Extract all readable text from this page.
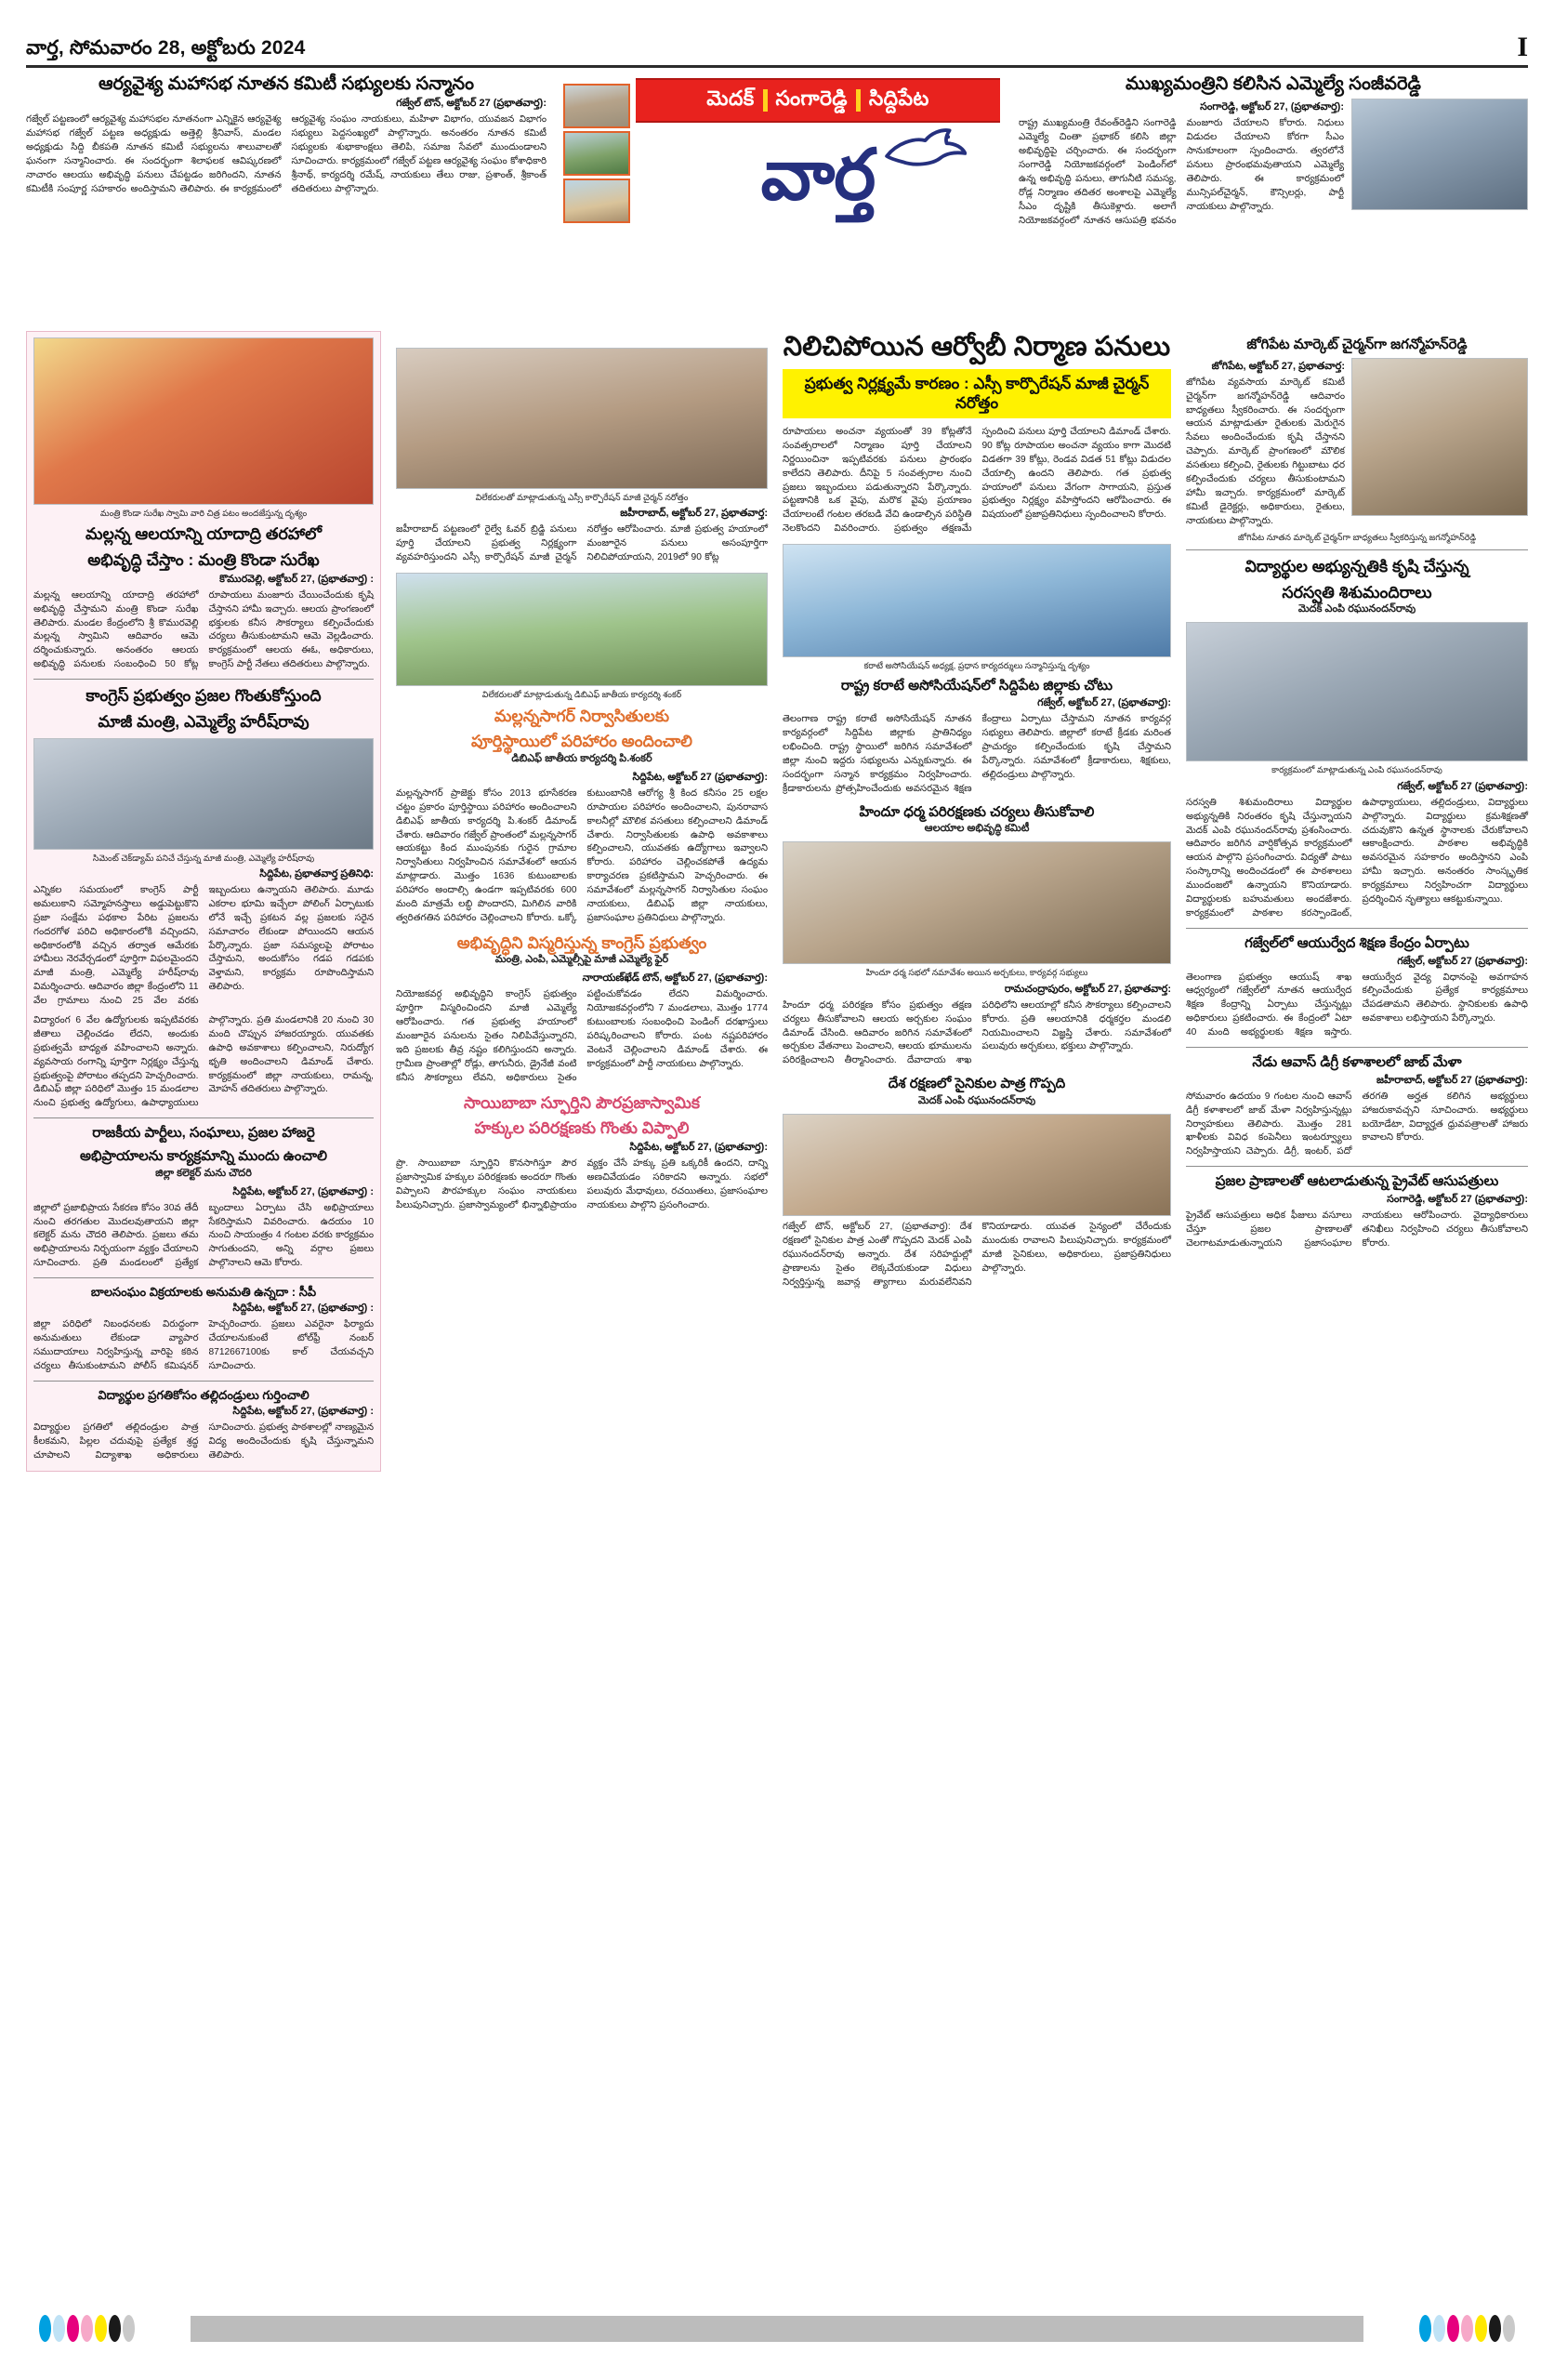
వార్త, సోమవారం 28, అక్టోబరు 2024	I
ఆర్యవైశ్య మహాసభ నూతన కమిటీ సభ్యులకు సన్మానం
గజ్వేల్ టౌన్, అక్టోబర్ 27 (ప్రభాతవార్త):
గజ్వేల్ పట్టణంలో ఆర్యవైశ్య మహాసభల నూతనంగా ఎన్నికైన ఆర్యవైశ్య మహాసభ గజ్వేల్ పట్టణ అధ్యక్షుడు అత్తెల్లి శ్రీనివాస్, మండల అధ్యక్షుడు సిద్ది బీకపతి నూతన కమిటీ సభ్యులను శాలువాలతో ఘనంగా సన్మానించారు. ఈ సందర్భంగా శిలాఫలక ఆవిష్కరణలో నాచారం ఆలయు అభివృద్ధి పనులు చేపట్టడం జరిగిందని, నూతన కమిటీకి సంపూర్ణ సహకారం అందిస్తామని తెలిపారు. ఈ కార్యక్రమంలో ఆర్యవైశ్య సంఘం నాయకులు, మహిళా విభాగం, యువజన విభాగం సభ్యులు పెద్దసంఖ్యలో పాల్గొన్నారు. అనంతరం నూతన కమిటీ సభ్యులకు శుభాకాంక్షలు తెలిపి, సమాజ సేవలో ముందుండాలని సూచించారు. కార్యక్రమంలో గజ్వేల్ పట్టణ ఆర్యవైశ్య సంఘం కోశాధికారి శ్రీనాథ్, కార్యదర్శి రమేష్, నాయకులు తేలు రాజు, ప్రశాంత్, శ్రీకాంత్ తదితరులు పాల్గొన్నారు.
మెదక్ సంగారెడ్డి సిద్దిపేట
వార్త
ముఖ్యమంత్రిని కలిసిన ఎమ్మెల్యే సంజీవరెడ్డి
సంగారెడ్డి, అక్టోబర్ 27, (ప్రభాతవార్త):
రాష్ట్ర ముఖ్యమంత్రి రేవంత్‌రెడ్డిని సంగారెడ్డి ఎమ్మెల్యే చింతా ప్రభాకర్ కలిసి జిల్లా అభివృద్ధిపై చర్చించారు. ఈ సందర్భంగా సంగారెడ్డి నియోజకవర్గంలో పెండింగ్‌లో ఉన్న అభివృద్ధి పనులు, తాగునీటి సమస్య, రోడ్ల నిర్మాణం తదితర అంశాలపై ఎమ్మెల్యే సీఎం దృష్టికి తీసుకెళ్లారు. అలాగే నియోజకవర్గంలో నూతన ఆసుపత్రి భవనం మంజూరు చేయాలని కోరారు. నిధులు విడుదల చేయాలని కోరగా సీఎం సానుకూలంగా స్పందించారు. త్వరలోనే పనులు ప్రారంభమవుతాయని ఎమ్మెల్యే తెలిపారు. ఈ కార్యక్రమంలో మున్సిపల్‌చైర్మన్, కౌన్సిలర్లు, పార్టీ నాయకులు పాల్గొన్నారు.
మంత్రి కొండా సురేఖ స్వామి వారి చిత్ర పటం అందజేస్తున్న దృశ్యం
మల్లన్న ఆలయాన్ని యాదాద్రి తరహాలో
అభివృద్ధి చేస్తాం : మంత్రి కొండా సురేఖ
కొముర‌వెల్లి, అక్టోబర్ 27, (ప్రభాతవార్త) :
మల్లన్న ఆలయాన్ని యాదాద్రి తరహాలో అభివృద్ధి చేస్తామని మంత్రి కొండా సురేఖ తెలిపారు. మండల కేంద్రంలోని శ్రీ కొముర‌వెల్లి మల్లన్న స్వామిని ఆదివారం ఆమె దర్శించుకున్నారు. అనంతరం ఆలయ అభివృద్ధి పనులకు సంబంధించి 50 కోట్ల రూపాయలు మంజూరు చేయించేందుకు కృషి చేస్తానని హామీ ఇచ్చారు. ఆలయ ప్రాంగణంలో భక్తులకు కనీస సౌకర్యాలు కల్పించేందుకు చర్యలు తీసుకుంటామని ఆమె వెల్లడించారు. కార్యక్రమంలో ఆలయ ఈఓ, అధికారులు, కాంగ్రెస్ పార్టీ నేతలు తదితరులు పాల్గొన్నారు.
కాంగ్రెస్ ప్రభుత్వం ప్రజల గొంతుకోస్తుంది
మాజీ మంత్రి, ఎమ్మెల్యే హరీష్‌రావు
సిమెంట్ చెక్‌డ్యామ్ పనిచే చేస్తున్న మాజీ మంత్రి, ఎమ్మెల్యే హరీష్‌రావు
సిద్దిపేట, ప్రభాతవార్త ప్రతినిధి:
ఎన్నికల సమయంలో కాంగ్రెస్ పార్టీ అమలుకాని సమ్మోహనస్త్రాలు అడ్డుపెట్టుకొని ప్రజా సంక్షేమ పథకాల పేరిట ప్రజలను గందరగోళ పరిచి అధికారంలోకి వచ్చిందని, అధికారంలోకి వచ్చిన తర్వాత ఆమేరకు హామీలు నెరవేర్చడంలో పూర్తిగా విఫలమైందని మాజీ మంత్రి, ఎమ్మెల్యే హరీష్‌రావు విమర్శించారు. ఆదివారం జిల్లా కేంద్రంలోని 11 వేల గ్రామాలు నుంచి 25 వేల వరకు ఇబ్బందులు ఉన్నాయని తెలిపారు. మూడు ఎకరాల భూమి ఇచ్చేలా పోలింగ్ ఏర్పాటుకు లోనే ఇచ్చే ప్రకటన వల్ల ప్రజలకు సరైన సమాచారం లేకుండా పోయిందని ఆయన పేర్కొన్నారు. ప్రజా సమస్యలపై పోరాటం చేస్తామని, అందుకోసం గడప గడపకు వెళ్తామని, కార్యక్రమ రూపొందిస్తామని తెలిపారు.
విద్యారంగ 6 వేల ఉద్యోగులకు ఇప్పటివరకు జీతాలు చెల్లించడం లేదని, అందుకు ప్రభుత్వమే బాధ్యత వహించాలని అన్నారు. వ్యవసాయ రంగాన్ని పూర్తిగా నిర్లక్ష్యం చేస్తున్న ప్రభుత్వంపై పోరాటం తప్పదని హెచ్చరించారు. డిబిఎఫ్ జిల్లా పరిధిలో మొత్తం 15 మండలాల నుంచి ప్రభుత్వ ఉద్యోగులు, ఉపాధ్యాయులు పాల్గొన్నారు. ప్రతి మండలానికి 20 నుంచి 30 మంది చొప్పున హాజరయ్యారు. యువతకు ఉపాధి అవకాశాలు కల్పించాలని, నిరుద్యోగ భృతి అందించాలని డిమాండ్ చేశారు. కార్యక్రమంలో జిల్లా నాయకులు, రామన్న, మోహన్ తదితరులు పాల్గొన్నారు.
రాజకీయ పార్టీలు, సంఘాలు, ప్రజల హాజరై
అభిప్రాయాలను కార్యక్రమాన్ని ముందు ఉంచాలి
జిల్లా కలెక్టర్ మను చౌదరి
సిద్దిపేట, అక్టోబర్ 27, (ప్రభాతవార్త) :
జిల్లాలో ప్రజాభిప్రాయ సేకరణ కోసం 30వ తేదీ నుంచి తరగతుల మొదలవుతాయని జిల్లా కలెక్టర్ మను చౌదరి తెలిపారు. ప్రజలు తమ అభిప్రాయాలను నిర్భయంగా వ్యక్తం చేయాలని సూచించారు. ప్రతి మండలంలో ప్రత్యేక బృందాలు ఏర్పాటు చేసి అభిప్రాయాలు సేకరిస్తామని వివరించారు. ఉదయం 10 నుంచి సాయంత్రం 4 గంటల వరకు కార్యక్రమం సాగుతుందని, అన్ని వర్గాల ప్రజలు పాల్గొనాలని ఆమె కోరారు.
బాలసంఘం విక్రయాలకు అనుమతి ఉన్నదా : సీపీ
సిద్దిపేట, అక్టోబర్ 27, (ప్రభాతవార్త) :
జిల్లా పరిధిలో నిబంధనలకు విరుద్ధంగా అనుమతులు లేకుండా వ్యాపార సముదాయాలు నిర్వహిస్తున్న వారిపై కఠిన చర్యలు తీసుకుంటామని పోలీస్ కమిషనర్ హెచ్చరించారు. ప్రజలు ఎవరైనా ఫిర్యాదు చేయాలనుకుంటే టోల్‌ఫ్రీ నంబర్ 8712667100కు కాల్ చేయవచ్చని సూచించారు.
విద్యార్థుల ప్రగతికోసం తల్లిదండ్రులు గుర్తించాలి
సిద్దిపేట, అక్టోబర్ 27, (ప్రభాతవార్త) :
విద్యార్థుల ప్రగతిలో తల్లిదండ్రుల పాత్ర కీలకమని, పిల్లల చదువుపై ప్రత్యేక శ్రద్ధ చూపాలని విద్యాశాఖ అధికారులు సూచించారు. ప్రభుత్వ పాఠశాలల్లో నాణ్యమైన విద్య అందించేందుకు కృషి చేస్తున్నామని తెలిపారు.
విలేకరులతో మాట్లాడుతున్న ఎస్సీ కార్పొరేషన్ మాజీ చైర్మన్ నరోత్తం
జహీరాబాద్, అక్టోబర్ 27, ప్రభాతవార్త:
జహీరాబాద్ పట్టణంలో రైల్వే ఓవర్ బ్రిడ్జి పనులు పూర్తి చేయాలని ప్రభుత్వ నిర్లక్ష్యంగా వ్యవహరిస్తుందని ఎస్సీ కార్పొరేషన్ మాజీ చైర్మన్ నరోత్తం ఆరోపించారు. మాజీ ప్రభుత్వ హయాంలో మంజూరైన పనులు అసంపూర్తిగా నిలిచిపోయాయని, 2019లో 90 కోట్ల
విలేకరులతో మాట్లాడుతున్న డిబిఎఫ్ జాతీయ కార్యదర్శి శంకర్
మల్లన్నసాగర్ నిర్వాసితులకు
పూర్తిస్థాయిలో పరిహారం అందించాలి
డిబిఎఫ్ జాతీయ కార్యదర్శి పి.శంకర్
సిద్దిపేట, అక్టోబర్ 27 (ప్రభాతవార్త):
మల్లన్నసాగర్ ప్రాజెక్టు కోసం 2013 భూసేకరణ చట్టం ప్రకారం పూర్తిస్థాయి పరిహారం అందించాలని డిబిఎఫ్ జాతీయ కార్యదర్శి పి.శంకర్ డిమాండ్ చేశారు. ఆదివారం గజ్వేల్ ప్రాంతంలో మల్లన్నసాగర్ ఆయకట్టు కింద ముంపునకు గురైన గ్రామాల నిర్వాసితులు నిర్వహించిన సమావేశంలో ఆయన మాట్లాడారు. మొత్తం 1636 కుటుంబాలకు పరిహారం అందాల్సి ఉండగా ఇప్పటివరకు 600 మంది మాత్రమే లబ్ధి పొందారని, మిగిలిన వారికి త్వరితగతిన పరిహారం చెల్లించాలని కోరారు. ఒక్కో కుటుంబానికి ఆరోగ్య శ్రీ కింద కనీసం 25 లక్షల రూపాయల పరిహారం అందించాలని, పునరావాస కాలనీల్లో మౌలిక వసతులు కల్పించాలని డిమాండ్ చేశారు. నిర్వాసితులకు ఉపాధి అవకాశాలు కల్పించాలని, యువతకు ఉద్యోగాలు ఇవ్వాలని కోరారు. పరిహారం చెల్లించకపోతే ఉద్యమ కార్యాచరణ ప్రకటిస్తామని హెచ్చరించారు. ఈ సమావేశంలో మల్లన్నసాగర్ నిర్వాసితుల సంఘం నాయకులు, డిబిఎఫ్ జిల్లా నాయకులు, ప్రజాసంఘాల ప్రతినిధులు పాల్గొన్నారు.
అభివృద్ధిని విస్మరిస్తున్న కాంగ్రెస్ ప్రభుత్వం
మంత్రి, ఎంపి, ఎమ్మెల్సీపై మాజీ ఎమ్మెల్యే ఫైర్
నారాయణ్‌ఖేడ్ టౌన్, అక్టోబర్ 27, (ప్రభాతవార్త):
నియోజకవర్గ అభివృద్ధిని కాంగ్రెస్ ప్రభుత్వం పూర్తిగా విస్మరించిందని మాజీ ఎమ్మెల్యే ఆరోపించారు. గత ప్రభుత్వ హయాంలో మంజూరైన పనులను సైతం నిలిపివేస్తున్నారని, ఇది ప్రజలకు తీవ్ర నష్టం కలిగిస్తుందని అన్నారు. గ్రామీణ ప్రాంతాల్లో రోడ్లు, తాగునీరు, డ్రైనేజీ వంటి కనీస సౌకర్యాలు లేవని, అధికారులు సైతం పట్టించుకోవడం లేదని విమర్శించారు. నియోజకవర్గంలోని 7 మండలాలు, మొత్తం 1774 కుటుంబాలకు సంబంధించి పెండింగ్ దరఖాస్తులు పరిష్కరించాలని కోరారు. పంట నష్టపరిహారం వెంటనే చెల్లించాలని డిమాండ్ చేశారు. ఈ కార్యక్రమంలో పార్టీ నాయకులు పాల్గొన్నారు.
సాయిబాబా స్ఫూర్తిని పౌరప్రజాస్వామిక
హక్కుల పరిరక్షణకు గొంతు విప్పాలి
సిద్దిపేట, అక్టోబర్ 27, (ప్రభాతవార్త):
ప్రొ. సాయిబాబా స్ఫూర్తిని కొనసాగిస్తూ పౌర ప్రజాస్వామిక హక్కుల పరిరక్షణకు అందరూ గొంతు విప్పాలని పౌరహక్కుల సంఘం నాయకులు పిలుపునిచ్చారు. ప్రజాస్వామ్యంలో భిన్నాభిప్రాయం వ్యక్తం చేసే హక్కు ప్రతి ఒక్కరికీ ఉందని, దాన్ని అణచివేయడం సరికాదని అన్నారు. సభలో పలువురు మేధావులు, రచయితలు, ప్రజాసంఘాల నాయకులు పాల్గొని ప్రసంగించారు.
నిలిచిపోయిన ఆర్వోబీ నిర్మాణ పనులు
ప్రభుత్వ నిర్లక్ష్యమే కారణం : ఎస్సీ కార్పొరేషన్ మాజీ చైర్మన్ నరోత్తం
రూపాయలు అంచనా వ్యయంతో 39 కోట్లతోనే సంవత్సరాలలో నిర్మాణం పూర్తి చేయాలని నిర్ణయించినా ఇప్పటివరకు పనులు ప్రారంభం కాలేదని తెలిపారు. దీనిపై 5 సంవత్సరాల నుంచి ప్రజలు ఇబ్బందులు పడుతున్నారని పేర్కొన్నారు. పట్టణానికి ఒక వైపు, మరొక వైపు ప్రయాణం చేయాలంటే గంటల తరబడి వేచి ఉండాల్సిన పరిస్థితి నెలకొందని వివరించారు. ప్రభుత్వం తక్షణమే స్పందించి పనులు పూర్తి చేయాలని డిమాండ్ చేశారు. 90 కోట్ల రూపాయల అంచనా వ్యయం కాగా మొదటి విడతగా 39 కోట్లు, రెండవ విడత 51 కోట్లు విడుదల చేయాల్సి ఉందని తెలిపారు. గత ప్రభుత్వ హయాంలో పనులు వేగంగా సాగాయని, ప్రస్తుత ప్రభుత్వం నిర్లక్ష్యం వహిస్తోందని ఆరోపించారు. ఈ విషయంలో ప్రజాప్రతినిధులు స్పందించాలని కోరారు.
కరాటే అసోసియేషన్ అధ్యక్ష, ప్రధాన కార్యదర్శులు సన్మానిస్తున్న దృశ్యం
రాష్ట్ర కరాటే అసోసియేషన్‌లో సిద్దిపేట జిల్లాకు చోటు
గజ్వేల్, అక్టోబర్ 27, (ప్రభాతవార్త):
తెలంగాణ రాష్ట్ర కరాటే అసోసియేషన్ నూతన కార్యవర్గంలో సిద్దిపేట జిల్లాకు ప్రాతినిధ్యం లభించింది. రాష్ట్ర స్థాయిలో జరిగిన సమావేశంలో జిల్లా నుంచి ఇద్దరు సభ్యులను ఎన్నుకున్నారు. ఈ సందర్భంగా సన్మాన కార్యక్రమం నిర్వహించారు. క్రీడాకారులను ప్రోత్సహించేందుకు అవసరమైన శిక్షణ కేంద్రాలు ఏర్పాటు చేస్తామని నూతన కార్యవర్గ సభ్యులు తెలిపారు. జిల్లాలో కరాటే క్రీడకు మరింత ప్రాచుర్యం కల్పించేందుకు కృషి చేస్తామని పేర్కొన్నారు. సమావేశంలో క్రీడాకారులు, శిక్షకులు, తల్లిదండ్రులు పాల్గొన్నారు.
హిందూ ధర్మ పరిరక్షణకు చర్యలు తీసుకోవాలి
ఆలయాల అభివృద్ధి కమిటీ
హిందూ ధర్మ సభలో నమావేశం అయిన అర్చకులు, కార్యవర్గ సభ్యులు
రామచంద్రాపురం, అక్టోబర్ 27, ప్రభాతవార్త:
హిందూ ధర్మ పరిరక్షణ కోసం ప్రభుత్వం తక్షణ చర్యలు తీసుకోవాలని ఆలయ అర్చకుల సంఘం డిమాండ్ చేసింది. ఆదివారం జరిగిన సమావేశంలో అర్చకుల వేతనాలు పెంచాలని, ఆలయ భూములను పరిరక్షించాలని తీర్మానించారు. దేవాదాయ శాఖ పరిధిలోని ఆలయాల్లో కనీస సౌకర్యాలు కల్పించాలని కోరారు. ప్రతి ఆలయానికి ధర్మకర్తల మండలి నియమించాలని విజ్ఞప్తి చేశారు. సమావేశంలో పలువురు అర్చకులు, భక్తులు పాల్గొన్నారు.
దేశ రక్షణలో సైనికుల పాత్ర గొప్పది
మెదక్ ఎంపి రఘునందన్‌రావు
గజ్వేల్ టౌన్, అక్టోబర్ 27, (ప్రభాతవార్త): దేశ రక్షణలో సైనికుల పాత్ర ఎంతో గొప్పదని మెదక్ ఎంపి రఘునందన్‌రావు అన్నారు. దేశ సరిహద్దుల్లో ప్రాణాలను సైతం లెక్కచేయకుండా విధులు నిర్వర్తిస్తున్న జవాన్ల త్యాగాలు మరువలేనివని కొనియాడారు. యువత సైన్యంలో చేరేందుకు ముందుకు రావాలని పిలుపునిచ్చారు. కార్యక్రమంలో మాజీ సైనికులు, అధికారులు, ప్రజాప్రతినిధులు పాల్గొన్నారు.
జోగిపేట మార్కెట్ చైర్మన్‌గా జగన్మోహన్‌రెడ్డి
జోగిపేట, అక్టోబర్ 27, ప్రభాతవార్త:
జోగిపేట వ్యవసాయ మార్కెట్ కమిటీ చైర్మన్‌గా జగన్మోహన్‌రెడ్డి ఆదివారం బాధ్యతలు స్వీకరించారు. ఈ సందర్భంగా ఆయన మాట్లాడుతూ రైతులకు మెరుగైన సేవలు అందించేందుకు కృషి చేస్తానని చెప్పారు. మార్కెట్ ప్రాంగణంలో మౌలిక వసతులు కల్పించి, రైతులకు గిట్టుబాటు ధర కల్పించేందుకు చర్యలు తీసుకుంటామని హామీ ఇచ్చారు. కార్యక్రమంలో మార్కెట్ కమిటీ డైరెక్టర్లు, అధికారులు, రైతులు, నాయకులు పాల్గొన్నారు.
జోగిపేట నూతన మార్కెట్ చైర్మన్‌గా బాధ్యతలు స్వీకరిస్తున్న జగన్మోహన్‌రెడ్డి
విద్యార్థుల అభ్యున్నతికి కృషి చేస్తున్న
సరస్వతి శిశుమందిరాలు
మెదక్ ఎంపి రఘునందన్‌రావు
కార్యక్రమంలో మాట్లాడుతున్న ఎంపి రఘునందన్‌రావు
గజ్వేల్, అక్టోబర్ 27 (ప్రభాతవార్త):
సరస్వతి శిశుమందిరాలు విద్యార్థుల అభ్యున్నతికి నిరంతరం కృషి చేస్తున్నాయని మెదక్ ఎంపి రఘునందన్‌రావు ప్రశంసించారు. ఆదివారం జరిగిన వార్షికోత్సవ కార్యక్రమంలో ఆయన పాల్గొని ప్రసంగించారు. విద్యతో పాటు సంస్కారాన్ని అందించడంలో ఈ పాఠశాలలు ముందంజలో ఉన్నాయని కొనియాడారు. విద్యార్థులకు బహుమతులు అందజేశారు. కార్యక్రమంలో పాఠశాల కరస్పాండెంట్, ఉపాధ్యాయులు, తల్లిదండ్రులు, విద్యార్థులు పాల్గొన్నారు. విద్యార్థులు క్రమశిక్షణతో చదువుకొని ఉన్నత స్థానాలకు చేరుకోవాలని ఆకాంక్షించారు. పాఠశాల అభివృద్ధికి అవసరమైన సహకారం అందిస్తానని ఎంపి హామీ ఇచ్చారు. అనంతరం సాంస్కృతిక కార్యక్రమాలు నిర్వహించగా విద్యార్థులు ప్రదర్శించిన నృత్యాలు ఆకట్టుకున్నాయి.
గజ్వేల్‌లో ఆయుర్వేద శిక్షణ కేంద్రం ఏర్పాటు
గజ్వేల్, అక్టోబర్ 27 (ప్రభాతవార్త):
తెలంగాణ ప్రభుత్వం ఆయుష్ శాఖ ఆధ్వర్యంలో గజ్వేల్‌లో నూతన ఆయుర్వేద శిక్షణ కేంద్రాన్ని ఏర్పాటు చేస్తున్నట్లు అధికారులు ప్రకటించారు. ఈ కేంద్రంలో ఏటా 40 మంది అభ్యర్థులకు శిక్షణ ఇస్తారు. ఆయుర్వేద వైద్య విధానంపై అవగాహన కల్పించేందుకు ప్రత్యేక కార్యక్రమాలు చేపడతామని తెలిపారు. స్థానికులకు ఉపాధి అవకాశాలు లభిస్తాయని పేర్కొన్నారు.
నేడు ఆవాస్ డిగ్రీ కళాశాలలో జాబ్ మేళా
జహీరాబాద్, అక్టోబర్ 27 (ప్రభాతవార్త):
సోమవారం ఉదయం 9 గంటల నుంచి ఆవాస్ డిగ్రీ కళాశాలలో జాబ్ మేళా నిర్వహిస్తున్నట్లు నిర్వాహకులు తెలిపారు. మొత్తం 281 ఖాళీలకు వివిధ కంపెనీలు ఇంటర్వ్యూలు నిర్వహిస్తాయని చెప్పారు. డిగ్రీ, ఇంటర్, పదో తరగతి అర్హత కలిగిన అభ్యర్థులు హాజరుకావచ్చని సూచించారు. అభ్యర్థులు బయోడేటా, విద్యార్హత ధ్రువపత్రాలతో హాజరు కావాలని కోరారు.
ప్రజల ప్రాణాలతో ఆటలాడుతున్న ప్రైవేట్ ఆసుపత్రులు
సంగారెడ్డి, అక్టోబర్ 27 (ప్రభాతవార్త):
ప్రైవేట్ ఆసుపత్రులు అధిక ఫీజులు వసూలు చేస్తూ ప్రజల ప్రాణాలతో చెలగాటమాడుతున్నాయని ప్రజాసంఘాల నాయకులు ఆరోపించారు. వైద్యాధికారులు తనిఖీలు నిర్వహించి చర్యలు తీసుకోవాలని కోరారు.
